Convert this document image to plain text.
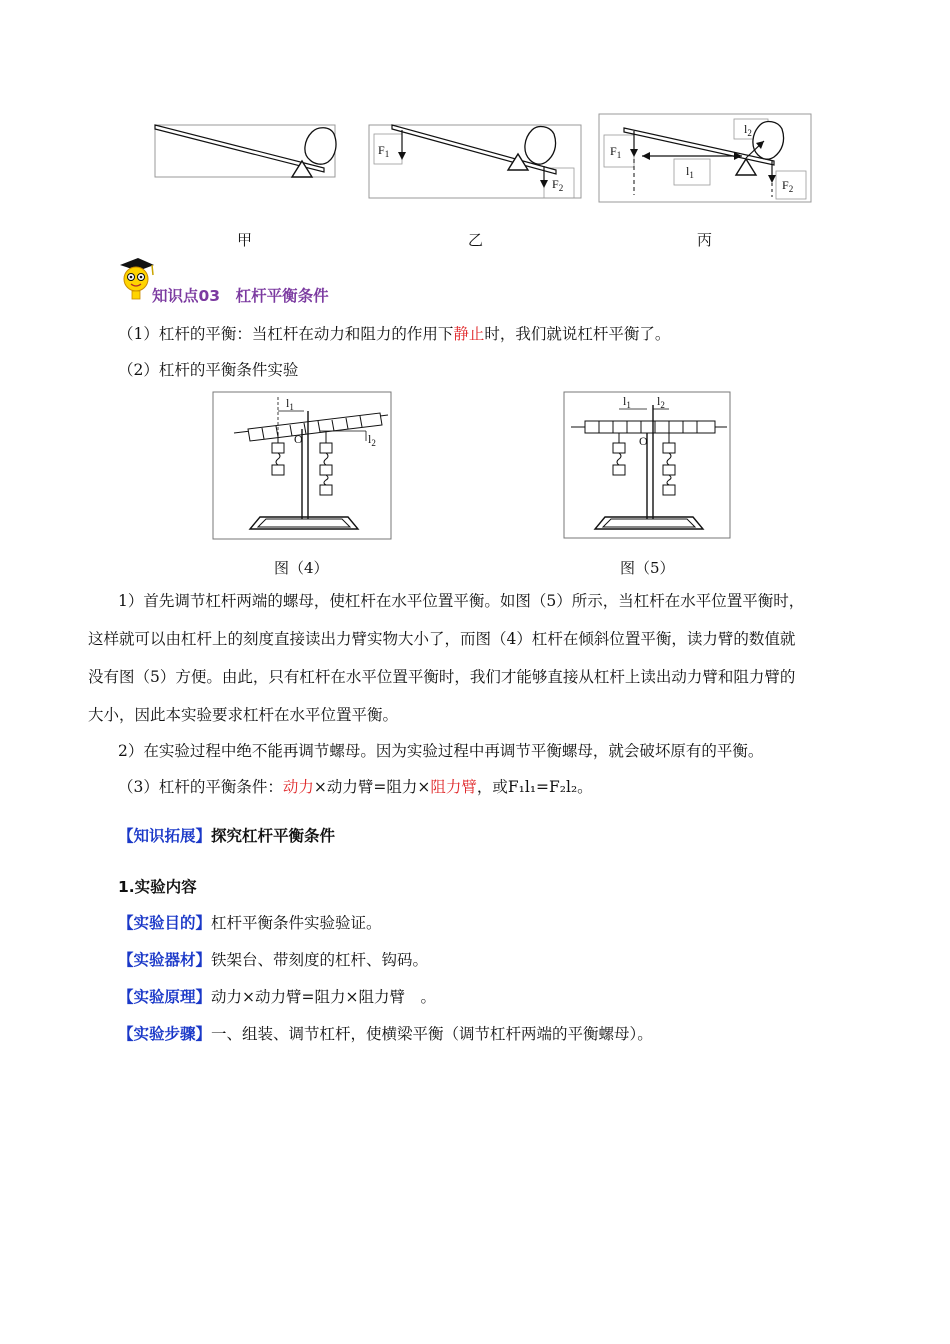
甲
$F_1$
$F_2$
乙
$F_1$
$l_1$
$l_2$
$F_2$
丙
知识点03　杠杆平衡条件
（1）杠杆的平衡：当杠杆在动力和阻力的作用下静止时，我们就说杠杆平衡了。
（2）杠杆的平衡条件实验
$l_1$
O	$l_2$
图（4）
$l_1$ $l_2$
O
图（5）
1）首先调节杠杆两端的螺母，使杠杆在水平位置平衡。如图（5）所示，当杠杆在水平位置平衡时，
这样就可以由杠杆上的刻度直接读出力臂实物大小了，而图（4）杠杆在倾斜位置平衡，读力臂的数值就
没有图（5）方便。由此，只有杠杆在水平位置平衡时，我们才能够直接从杠杆上读出动力臂和阻力臂的
大小，因此本实验要求杠杆在水平位置平衡。
2）在实验过程中绝不能再调节螺母。因为实验过程中再调节平衡螺母，就会破坏原有的平衡。
（3）杠杆的平衡条件：动力×动力臂=阻力×阻力臂，或F₁l₁=F₂l₂。
【知识拓展】探究杠杆平衡条件
1.实验内容
【实验目的】杠杆平衡条件实验验证。
【实验器材】铁架台、带刻度的杠杆、钩码。
【实验原理】动力×动力臂=阻力×阻力臂　。
【实验步骤】一、组装、调节杠杆，使横梁平衡（调节杠杆两端的平衡螺母）。
